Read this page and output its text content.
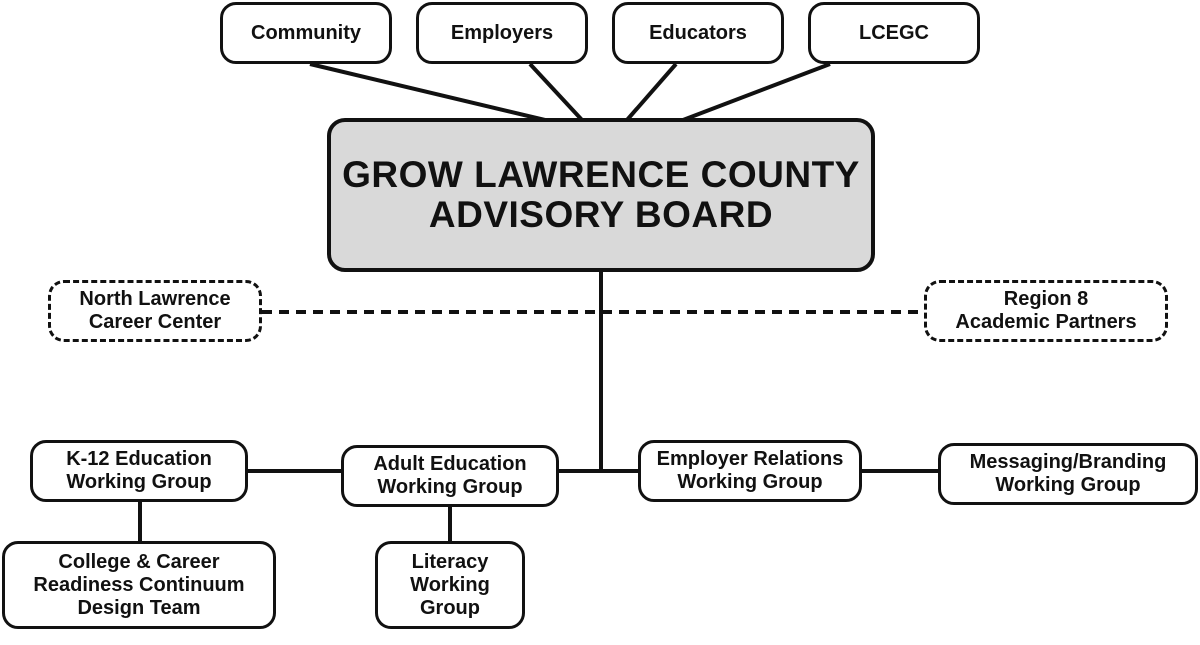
Community	Employers	Educators	LCEGC
GROW LAWRENCE COUNTY
ADVISORY BOARD
North Lawrence
Career Center
Region 8
Academic Partners
K-12 Education
Working Group
Adult Education
Working Group
Employer Relations
Working Group
Messaging/Branding
Working Group
College & Career
Readiness Continuum
Design Team
Literacy
Working
Group
